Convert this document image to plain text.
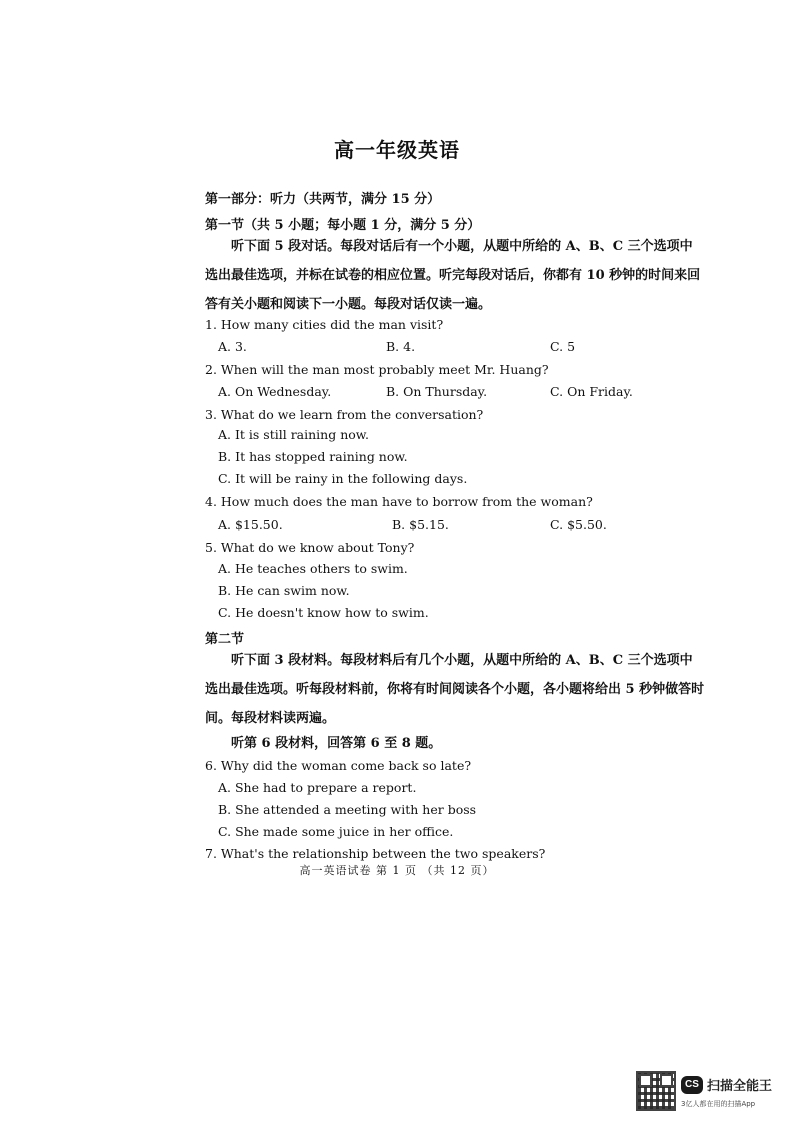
高一年级英语
第一部分：听力（共两节，满分 15 分）
第一节（共 5 小题；每小题 1 分，满分 5 分）
听下面 5 段对话。每段对话后有一个小题，从题中所给的 A、B、C 三个选项中选出最佳选项，并标在试卷的相应位置。听完每段对话后，你都有 10 秒钟的时间来回答有关小题和阅读下一小题。每段对话仅读一遍。
1. How many cities did the man visit?
A. 3.	B. 4.	C. 5
2. When will the man most probably meet Mr. Huang?
A. On Wednesday.	B. On Thursday.	C. On Friday.
3. What do we learn from the conversation?
A. It is still raining now.
B. It has stopped raining now.
C. It will be rainy in the following days.
4. How much does the man have to borrow from the woman?
A. $15.50.	B. $5.15.	C. $5.50.
5. What do we know about Tony?
A. He teaches others to swim.
B. He can swim now.
C. He doesn't know how to swim.
第二节
听下面 3 段材料。每段材料后有几个小题，从题中所给的 A、B、C 三个选项中选出最佳选项。听每段材料前，你将有时间阅读各个小题，各小题将给出 5 秒钟做答时间。每段材料读两遍。
听第 6 段材料，回答第 6 至 8 题。
6. Why did the woman come back so late?
A. She had to prepare a report.
B. She attended a meeting with her boss
C. She made some juice in her office.
7. What's the relationship between the two speakers?
高一英语试卷 第 1 页 （共 12 页）
CS 扫描全能王
3亿人都在用的扫描App
